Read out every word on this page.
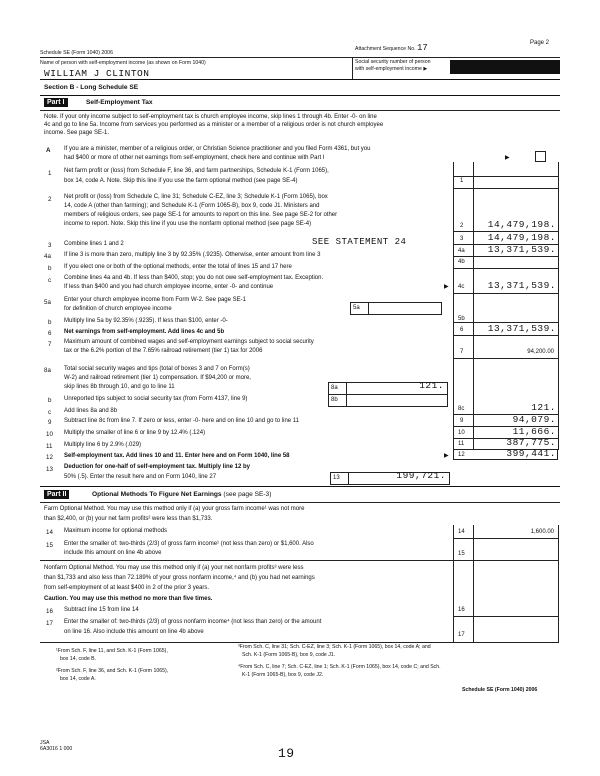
Schedule SE (Form 1040) 2006
Attachment Sequence No. 17	Page 2
Name of person with self-employment income (as shown on Form 1040)
WILLIAM J CLINTON
Social security number of person
with self-employment income ▶
Section B - Long Schedule SE
Part I	Self-Employment Tax
Note. If your only income subject to self-employment tax is church employee income, skip lines 1 through 4b. Enter -0- on line
4c and go to line 5a. Income from services you performed as a minister or a member of a religious order is not church employee
income. See page SE-1.
A If you are a minister, member of a religious order, or Christian Science practitioner and you filed Form 4361, but you
had $400 or more of other net earnings from self-employment, check here and continue with Part I	▶
1 Net farm profit or (loss) from Schedule F, line 36, and farm partnerships, Schedule K-1 (Form 1065),
box 14, code A. Note. Skip this line if you use the farm optional method (see page SE-4)	1
2 Net profit or (loss) from Schedule C, line 31; Schedule C-EZ, line 3; Schedule K-1 (Form 1065), box
14, code A (other than farming); and Schedule K-1 (Form 1065-B), box 9, code J1. Ministers and
members of religious orders, see page SE-1 for amounts to report on this line. See page SE-2 for other
income to report. Note. Skip this line if you use the nonfarm optional method (see page SE-4)	2	14,479,198.
3 Combine lines 1 and 2	SEE STATEMENT 24	3	14,479,198.
4a If line 3 is more than zero, multiply line 3 by 92.35% (.9235). Otherwise, enter amount from line 3
4a	13,371,539.
b If you elect one or both of the optional methods, enter the total of lines 15 and 17 here
4b
c Combine lines 4a and 4b. If less than $400, stop; you do not owe self-employment tax. Exception.
If less than $400 and you had church employee income, enter -0- and continue	▶ 4c	13,371,539.
5a Enter your church employee income from Form W-2. See page SE-1
for definition of church employee income	5a
5b
b Multiply line 5a by 92.35% (.9235). If less than $100, enter -0-
6 Net earnings from self-employment. Add lines 4c and 5b	6	13,371,539.
7 Maximum amount of combined wages and self-employment earnings subject to social security
tax or the 6.2% portion of the 7.65% railroad retirement (tier 1) tax for 2006	7	94,200.00
8a Total social security wages and tips (total of boxes 3 and 7 on Form(s)
W-2) and railroad retirement (tier 1) compensation. If $94,200 or more,
skip lines 8b through 10, and go to line 11	8a	121.
b Unreported tips subject to social security tax (from Form 4137, line 9)	8b
c Add lines 8a and 8b	8c	121.
9 Subtract line 8c from line 7. If zero or less, enter -0- here and on line 10 and go to line 11	9	94,079.
10 Multiply the smaller of line 6 or line 9 by 12.4% (.124)	10	11,666.
11 Multiply line 6 by 2.9% (.029)	11	387,775.
12 Self-employment tax. Add lines 10 and 11. Enter here and on Form 1040, line 58	▶ 12	399,441.
13 Deduction for one-half of self-employment tax. Multiply line 12 by
50% (.5). Enter the result here and on Form 1040, line 27	13	199,721.
Part II	Optional Methods To Figure Net Earnings (see page SE-3)
Farm Optional Method. You may use this method only if (a) your gross farm income¹ was not more
than $2,400, or (b) your net farm profits² were less than $1,733.
14 Maximum income for optional methods	14	1,600.00
15 Enter the smaller of: two-thirds (2/3) of gross farm income¹ (not less than zero) or $1,600. Also
include this amount on line 4b above	15
Nonfarm Optional Method. You may use this method only if (a) your net nonfarm profits³ were less
than $1,733 and also less than 72.189% of your gross nonfarm income,⁴ and (b) you had net earnings
from self-employment of at least $400 in 2 of the prior 3 years.
Caution. You may use this method no more than five times.
16 Subtract line 15 from line 14	16
17 Enter the smaller of: two-thirds (2/3) of gross nonfarm income⁴ (not less than zero) or the amount
on line 16. Also include this amount on line 4b above	17
¹From Sch. F, line 11, and Sch. K-1 (Form 1065),
box 14, code B.
²From Sch. F, line 36, and Sch. K-1 (Form 1065),
box 14, code A.
³From Sch. C, line 31; Sch. C-EZ, line 3; Sch. K-1 (Form 1065), box 14, code A; and
Sch. K-1 (Form 1065-B), box 9, code J1.
⁴From Sch. C, line 7; Sch. C-EZ, line 1; Sch. K-1 (Form 1065), box 14, code C; and Sch.
K-1 (Form 1065-B), box 9, code J2.
Schedule SE (Form 1040) 2006
JSA
6A3016 1 000	19
